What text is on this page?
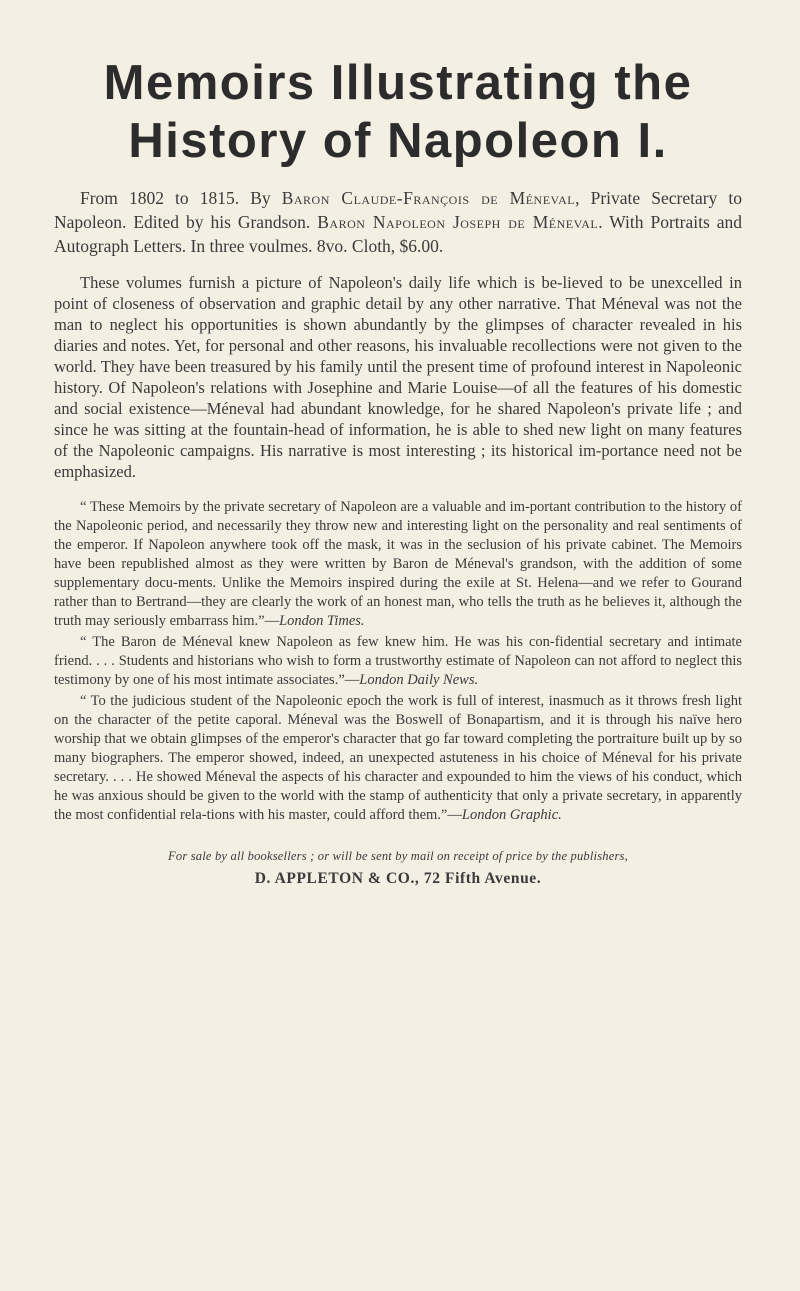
Memoirs Illustrating the
History of Napoleon I.

From 1802 to 1815. By Baron Claude-François de Méneval, Private Secretary to Napoleon. Edited by his Grandson. Baron Napoleon Joseph de Méneval. With Portraits and Autograph Letters. In three voulmes. 8vo. Cloth, $6.00.

These volumes furnish a picture of Napoleon's daily life which is be-lieved to be unexcelled in point of closeness of observation and graphic detail by any other narrative. That Méneval was not the man to neglect his opportunities is shown abundantly by the glimpses of character revealed in his diaries and notes. Yet, for personal and other reasons, his invaluable recollections were not given to the world. They have been treasured by his family until the present time of profound interest in Napoleonic history. Of Napoleon's relations with Josephine and Marie Louise—of all the features of his domestic and social existence—Méneval had abundant knowledge, for he shared Napoleon's private life ; and since he was sitting at the fountain-head of information, he is able to shed new light on many features of the Napoleonic campaigns. His narrative is most interesting ; its historical im-portance need not be emphasized.

“ These Memoirs by the private secretary of Napoleon are a valuable and im-portant contribution to the history of the Napoleonic period, and necessarily they throw new and interesting light on the personality and real sentiments of the emperor. If Napoleon anywhere took off the mask, it was in the seclusion of his private cabinet. The Memoirs have been republished almost as they were written by Baron de Méneval's grandson, with the addition of some supplementary docu-ments. Unlike the Memoirs inspired during the exile at St. Helena—and we refer to Gourand rather than to Bertrand—they are clearly the work of an honest man, who tells the truth as he believes it, although the truth may seriously embarrass him.”—London Times.

“ The Baron de Méneval knew Napoleon as few knew him. He was his con-fidential secretary and intimate friend. . . . Students and historians who wish to form a trustworthy estimate of Napoleon can not afford to neglect this testimony by one of his most intimate associates.”—London Daily News.

“ To the judicious student of the Napoleonic epoch the work is full of interest, inasmuch as it throws fresh light on the character of the petite caporal. Méneval was the Boswell of Bonapartism, and it is through his naïve hero worship that we obtain glimpses of the emperor's character that go far toward completing the portraiture built up by so many biographers. The emperor showed, indeed, an unexpected astuteness in his choice of Méneval for his private secretary. . . . He showed Méneval the aspects of his character and expounded to him the views of his conduct, which he was anxious should be given to the world with the stamp of authenticity that only a private secretary, in apparently the most confidential rela-tions with his master, could afford them.”—London Graphic.

For sale by all booksellers ; or will be sent by mail on receipt of price by the publishers,
D. APPLETON & CO., 72 Fifth Avenue.
